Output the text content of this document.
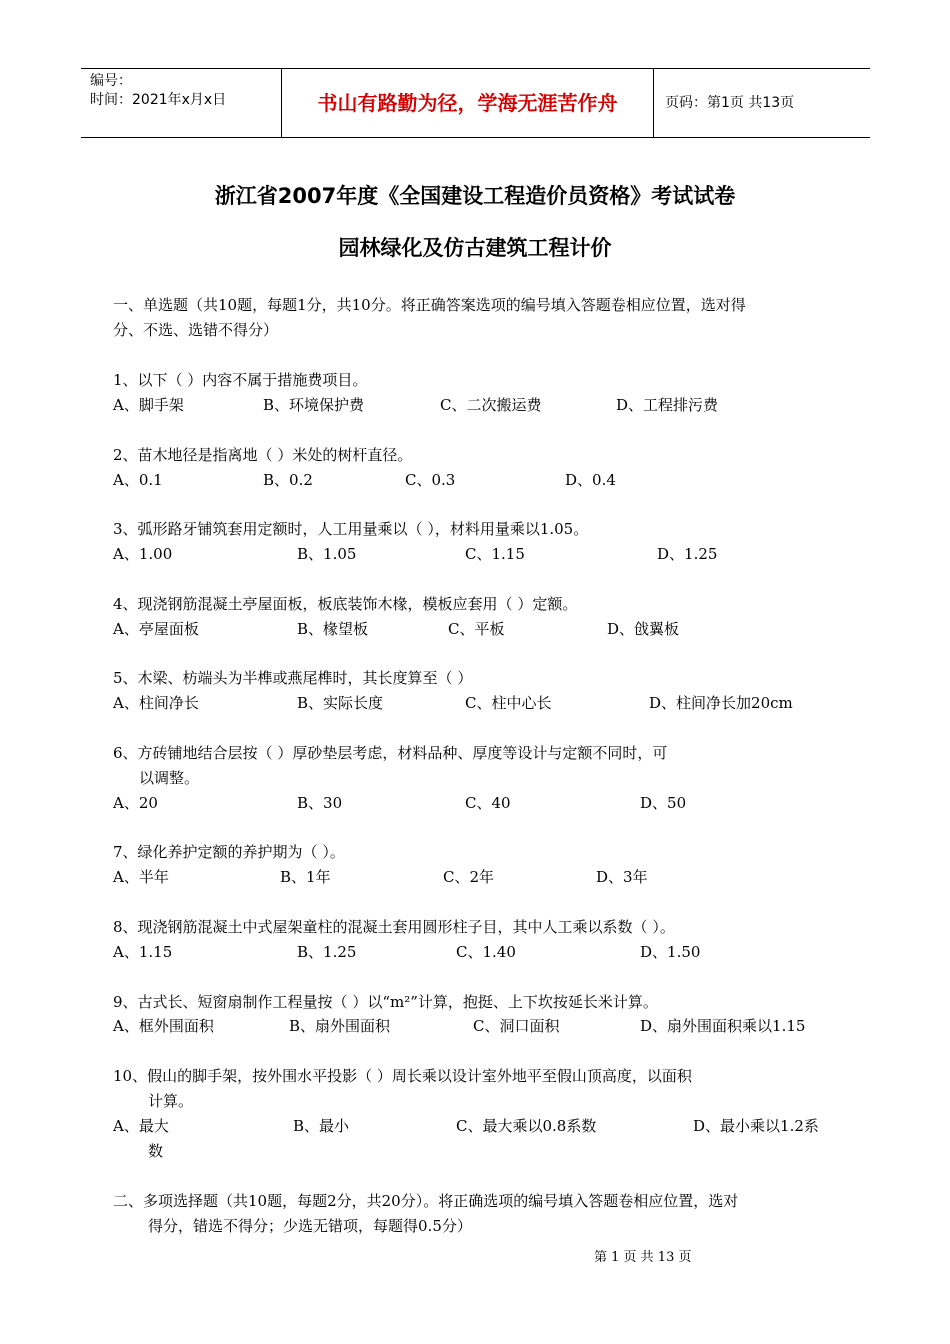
编号：
时间：2021年x月x日	书山有路勤为径，学海无涯苦作舟	页码：第1页 共13页
浙江省2007年度《全国建设工程造价员资格》考试试卷
园林绿化及仿古建筑工程计价
一、单选题（共10题，每题1分，共10分。将正确答案选项的编号填入答题卷相应位置，选对得
分、不选、选错不得分）
1、以下（ ）内容不属于措施费项目。
A、脚手架	B、环境保护费	C、二次搬运费	D、工程排污费
2、苗木地径是指离地（ ）米处的树杆直径。
A、0.1	B、0.2	C、0.3	D、0.4
3、弧形路牙铺筑套用定额时，人工用量乘以（ ），材料用量乘以1.05。
A、1.00	B、1.05	C、1.15	D、1.25
4、现浇钢筋混凝土亭屋面板，板底装饰木椽，模板应套用（ ）定额。
A、亭屋面板	B、椽望板	C、平板	D、戗翼板
5、木梁、枋端头为半榫或燕尾榫时，其长度算至（ ）
A、柱间净长	B、实际长度	C、柱中心长	D、柱间净长加20cm
6、方砖铺地结合层按（ ）厚砂垫层考虑，材料品种、厚度等设计与定额不同时，可
以调整。
A、20	B、30	C、40	D、50
7、绿化养护定额的养护期为（ ）。
A、半年	B、1年	C、2年	D、3年
8、现浇钢筋混凝土中式屋架童柱的混凝土套用圆形柱子目，其中人工乘以系数（ ）。
A、1.15	B、1.25	C、1.40	D、1.50
9、古式长、短窗扇制作工程量按（ ）以“m²”计算，抱挺、上下坎按延长米计算。
A、框外围面积	B、扇外围面积	C、洞口面积	D、扇外围面积乘以1.15
10、假山的脚手架，按外围水平投影（ ）周长乘以设计室外地平至假山顶高度，以面积
计算。
A、最大	B、最小	C、最大乘以0.8系数	D、最小乘以1.2系
数
二、多项选择题（共10题，每题2分，共20分）。将正确选项的编号填入答题卷相应位置，选对
得分，错选不得分；少选无错项，每题得0.5分）
第 1 页 共 13 页
